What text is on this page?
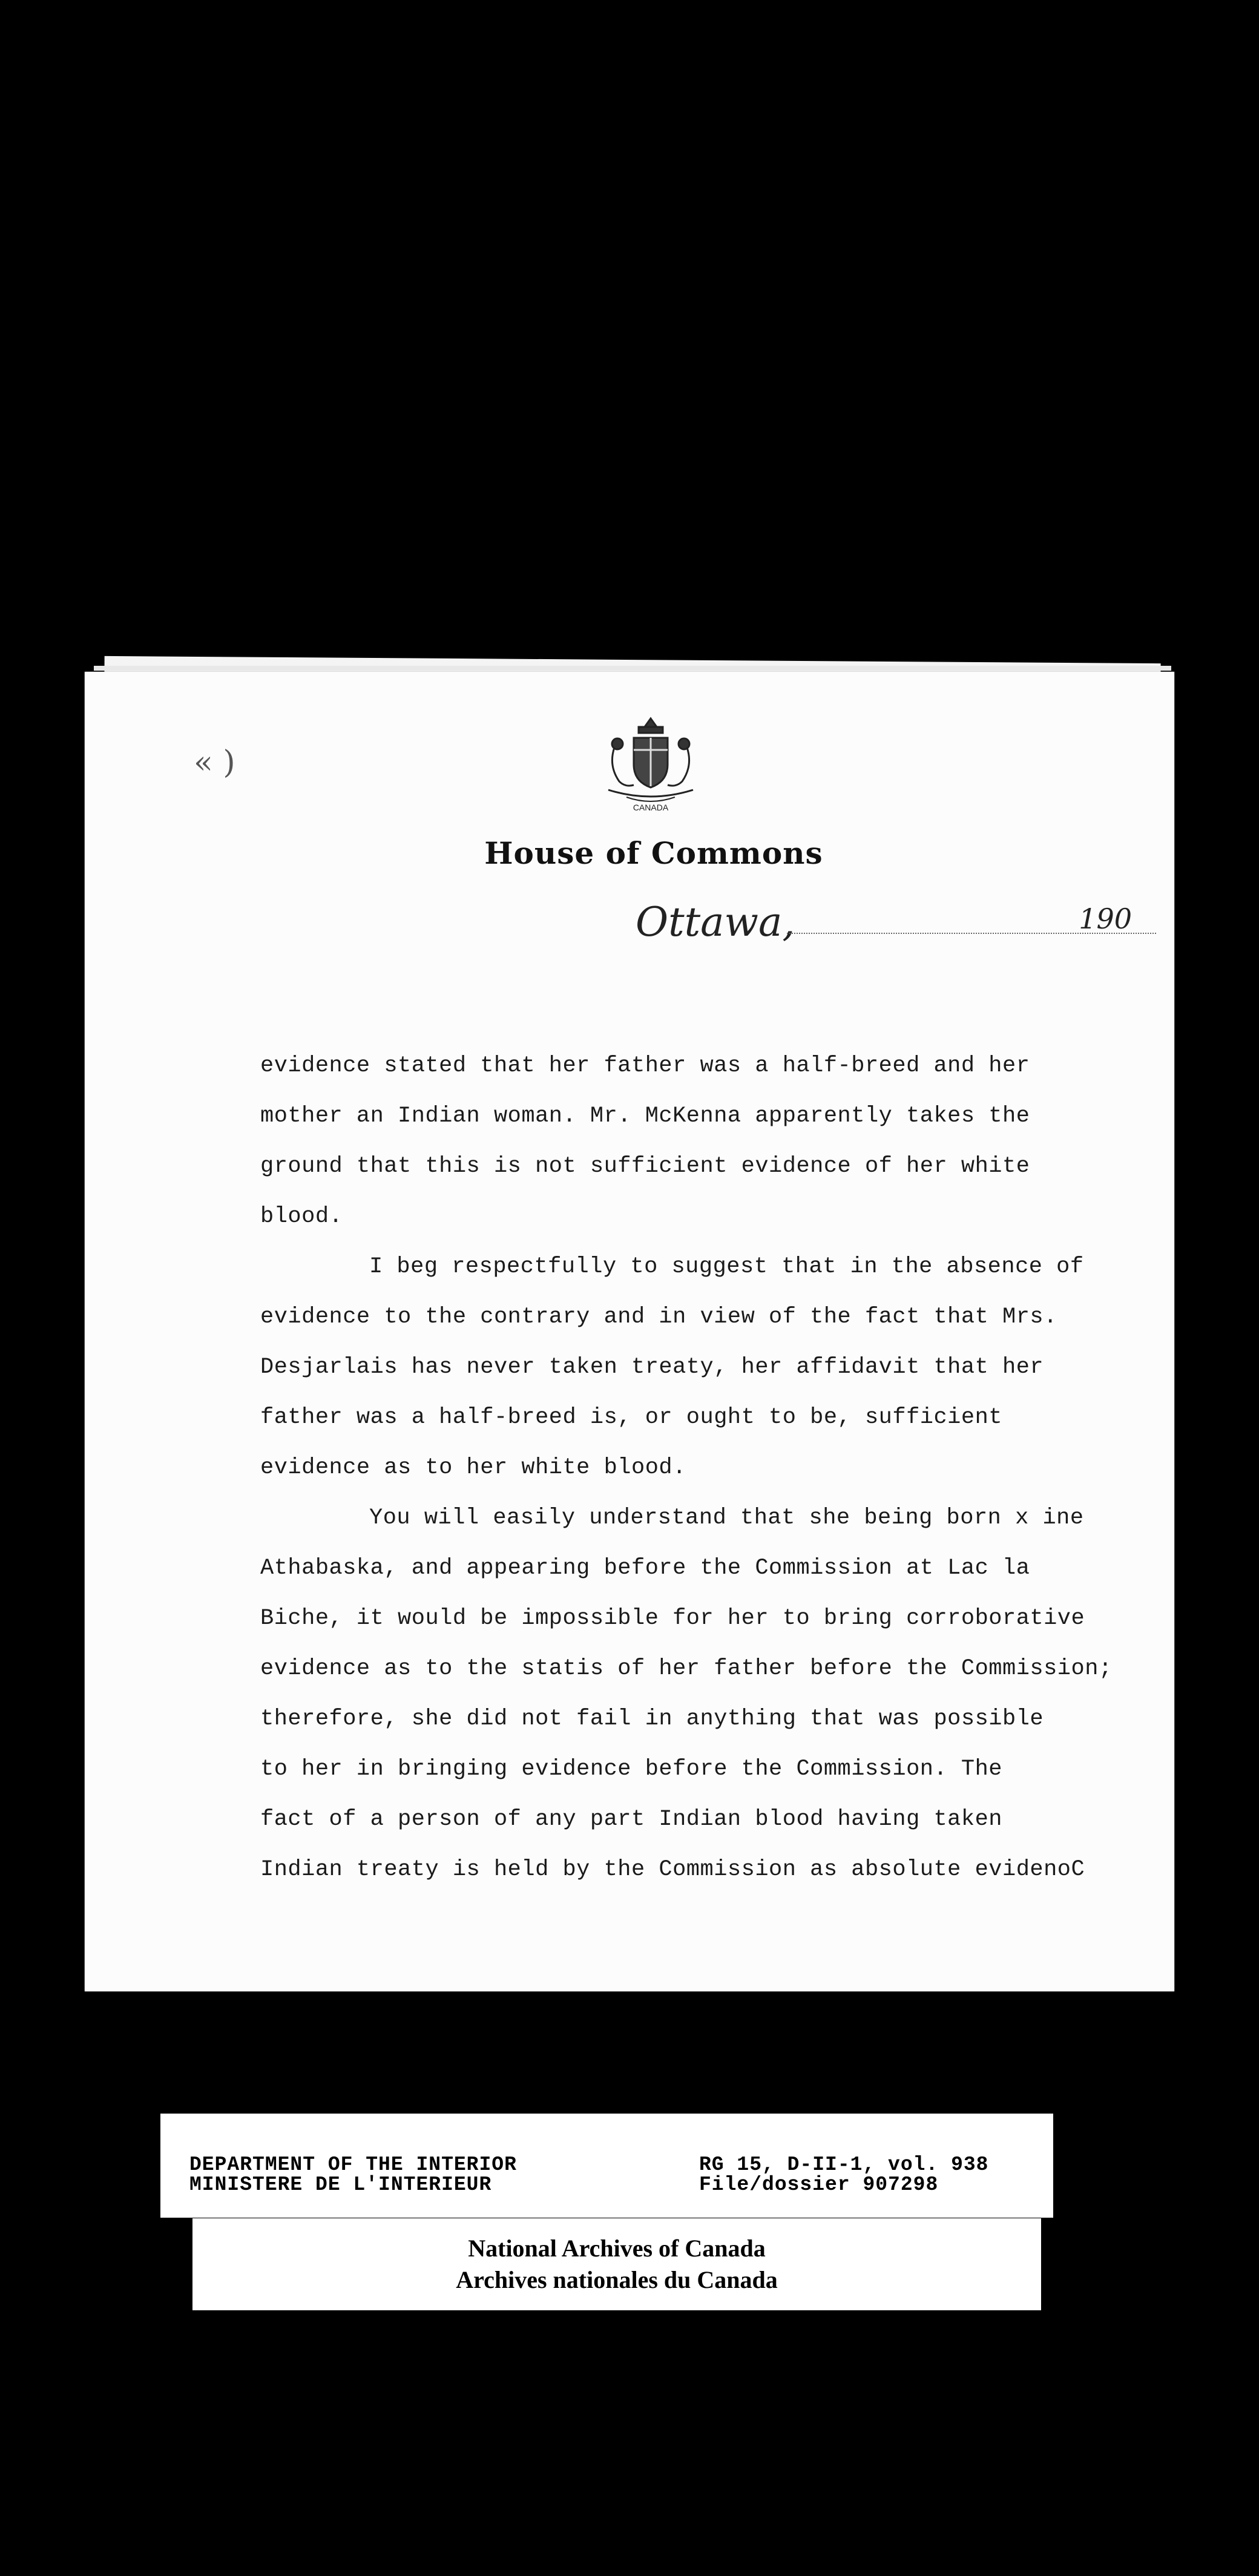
« )
CANADA
House of Commons
Ottawa,	190

evidence stated that her father was a half-breed and her
mother an Indian woman. Mr. McKenna apparently takes the
ground that this is not sufficient evidence of her white
blood.

I beg respectfully to suggest that in the absence of
evidence to the contrary and in view of the fact that Mrs.
Desjarlais has never taken treaty, her affidavit that her
father was a half-breed is, or ought to be, sufficient
evidence as to her white blood.

You will easily understand that she being born x ine
Athabaska, and appearing before the Commission at Lac la
Biche, it would be impossible for her to bring corroborative
evidence as to the statis of her father before the Commission;
therefore, she did not fail in anything that was possible
to her in bringing evidence before the Commission. The
fact of a person of any part Indian blood having taken
Indian treaty is held by the Commission as absolute evidenoC

DEPARTMENT OF THE INTERIOR
MINISTERE DE L'INTERIEUR
RG 15, D-II-1, vol. 938
File/dossier 907298
National Archives of Canada
Archives nationales du Canada
